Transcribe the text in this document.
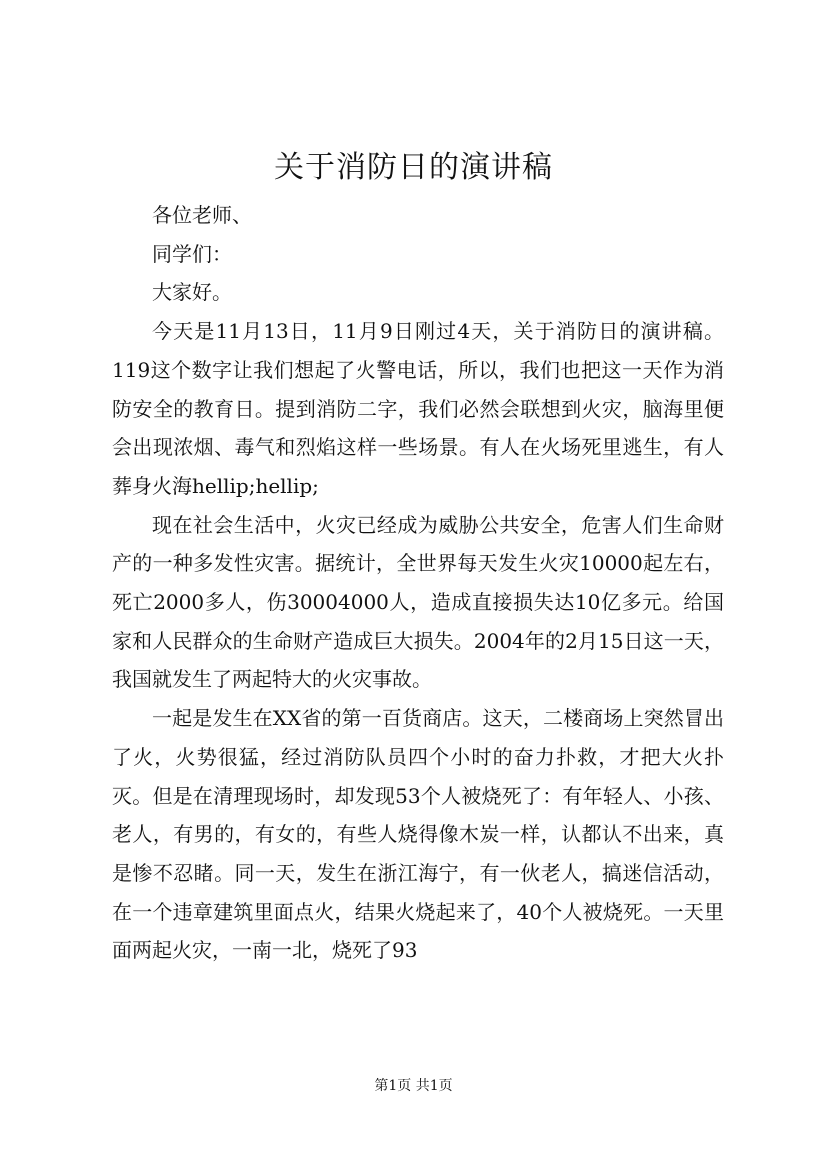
关于消防日的演讲稿

各位老师、

同学们：

大家好。

今天是11月13日，11月9日刚过4天，关于消防日的演讲稿。119这个数字让我们想起了火警电话，所以，我们也把这一天作为消防安全的教育日。提到消防二字，我们必然会联想到火灾，脑海里便会出现浓烟、毒气和烈焰这样一些场景。有人在火场死里逃生，有人葬身火海hellip;hellip;

现在社会生活中，火灾已经成为威胁公共安全，危害人们生命财产的一种多发性灾害。据统计，全世界每天发生火灾10000起左右，死亡2000多人，伤30004000人，造成直接损失达10亿多元。给国家和人民群众的生命财产造成巨大损失。2004年的2月15日这一天，我国就发生了两起特大的火灾事故。

一起是发生在XX省的第一百货商店。这天，二楼商场上突然冒出了火，火势很猛，经过消防队员四个小时的奋力扑救，才把大火扑灭。但是在清理现场时，却发现53个人被烧死了：有年轻人、小孩、老人，有男的，有女的，有些人烧得像木炭一样，认都认不出来，真是惨不忍睹。同一天，发生在浙江海宁，有一伙老人，搞迷信活动，在一个违章建筑里面点火，结果火烧起来了，40个人被烧死。一天里面两起火灾，一南一北，烧死了93

第1页 共1页
